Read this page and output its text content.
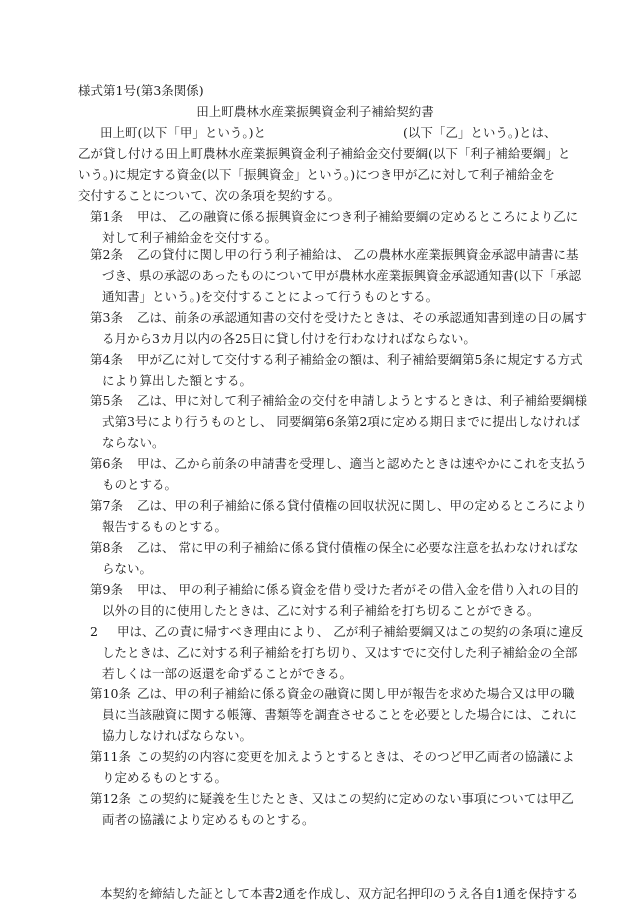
様式第1号(第3条関係)
田上町農林水産業振興資金利子補給契約書
田上町(以下「甲」という。)と	(以下「乙」という。)とは、
乙が貸し付ける田上町農林水産業振興資金利子補給金交付要綱(以下「利子補給要綱」と
いう。)に規定する資金(以下「振興資金」という。)につき甲が乙に対して利子補給金を
交付することについて、次の条項を契約する。
第1条 甲は、 乙の融資に係る振興資金につき利子補給要綱の定めるところにより乙に
対して利子補給金を交付する。
第2条 乙の貸付に関し甲の行う利子補給は、 乙の農林水産業振興資金承認申請書に基
づき、県の承認のあったものについて甲が農林水産業振興資金承認通知書(以下「承認
通知書」という。)を交付することによって行うものとする。
第3条 乙は、前条の承認通知書の交付を受けたときは、その承認通知書到達の日の属す
る月から3カ月以内の各25日に貸し付けを行わなければならない。
第4条 甲が乙に対して交付する利子補給金の額は、利子補給要綱第5条に規定する方式
により算出した額とする。
第5条 乙は、甲に対して利子補給金の交付を申請しようとするときは、利子補給要綱様
式第3号により行うものとし、 同要綱第6条第2項に定める期日までに提出しなければ
ならない。
第6条 甲は、乙から前条の申請書を受理し、適当と認めたときは速やかにこれを支払う
ものとする。
第7条 乙は、甲の利子補給に係る貸付債権の回収状況に関し、甲の定めるところにより
報告するものとする。
第8条 乙は、 常に甲の利子補給に係る貸付債権の保全に必要な注意を払わなければな
らない。
第9条 甲は、 甲の利子補給に係る資金を借り受けた者がその借入金を借り入れの目的
以外の目的に使用したときは、乙に対する利子補給を打ち切ることができる。
2 甲は、乙の責に帰すべき理由により、 乙が利子補給要綱又はこの契約の条項に違反
したときは、乙に対する利子補給を打ち切り、又はすでに交付した利子補給金の全部
若しくは一部の返還を命ずることができる。
第10条 乙は、甲の利子補給に係る資金の融資に関し甲が報告を求めた場合又は甲の職
員に当該融資に関する帳簿、書類等を調査させることを必要とした場合には、これに
協力しなければならない。
第11条 この契約の内容に変更を加えようとするときは、そのつど甲乙両者の協議によ
り定めるものとする。
第12条 この契約に疑義を生じたとき、又はこの契約に定めのない事項については甲乙
両者の協議により定めるものとする。
本契約を締結した証として本書2通を作成し、双方記名押印のうえ各自1通を保持する
